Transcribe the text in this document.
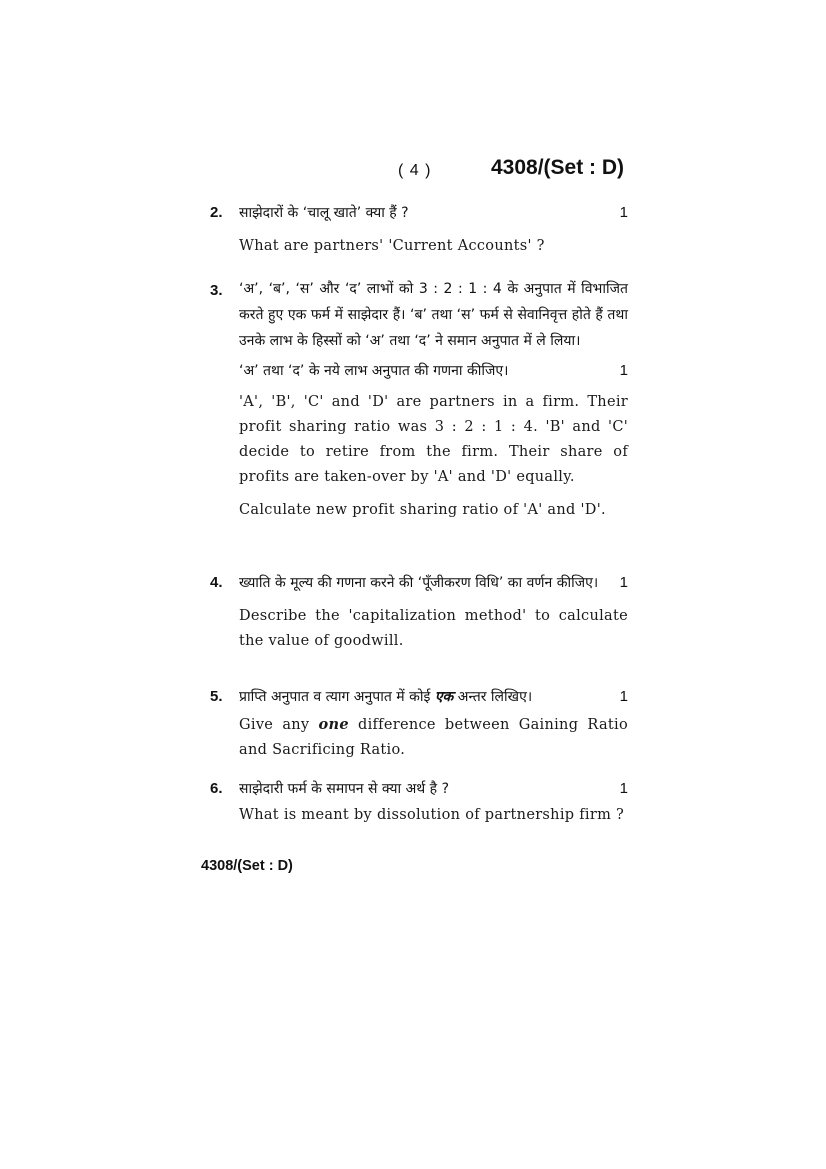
( 4 )	4308/(Set : D)
2. साझेदारों के ‘चालू खाते’ क्या हैं ?	1
What are partners' 'Current Accounts' ?
3. ‘अ’, ‘ब’, ‘स’ और ‘द’ लाभों को 3 : 2 : 1 : 4 के अनुपात में विभाजित करते हुए एक फर्म में साझेदार हैं। ‘ब’ तथा ‘स’ फर्म से सेवानिवृत्त होते हैं तथा उनके लाभ के हिस्सों को ‘अ’ तथा ‘द’ ने समान अनुपात में ले लिया।
‘अ’ तथा ‘द’ के नये लाभ अनुपात की गणना कीजिए।	1
'A', 'B', 'C' and 'D' are partners in a firm. Their profit sharing ratio was 3 : 2 : 1 : 4. 'B' and 'C' decide to retire from the firm. Their share of profits are taken-over by 'A' and 'D' equally.
Calculate new profit sharing ratio of 'A' and 'D'.
4. ख्याति के मूल्य की गणना करने की ‘पूँजीकरण विधि’ का वर्णन कीजिए। 1
Describe the 'capitalization method' to calculate the value of goodwill.
5. प्राप्ति अनुपात व त्याग अनुपात में कोई एक अन्तर लिखिए।	1
Give any one difference between Gaining Ratio and Sacrificing Ratio.
6. साझेदारी फर्म के समापन से क्या अर्थ है ?	1
What is meant by dissolution of partnership firm ?
4308/(Set : D)
